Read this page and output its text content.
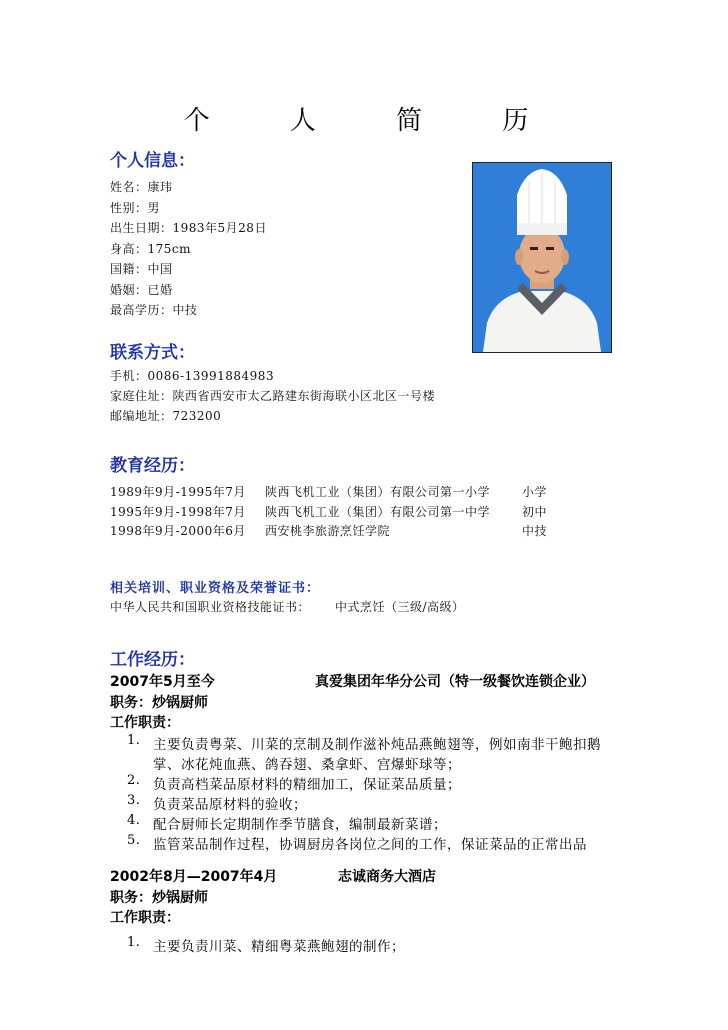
个 人 简 历
个人信息：
姓名：康玮
性别：男
出生日期：1983年5月28日
身高：175cm
国籍：中国
婚姻：已婚
最高学历：中技
联系方式：
手机：0086-13991884983
家庭住址：陕西省西安市太乙路建东街海联小区北区一号楼
邮编地址：723200
教育经历：
1989年9月-1995年7月 陕西飞机工业（集团）有限公司第一小学	小学
1995年9月-1998年7月 陕西飞机工业（集团）有限公司第一中学	初中
1998年9月-2000年6月 西安桃李旅游烹饪学院	中技
相关培训、职业资格及荣誉证书：
中华人民共和国职业资格技能证书： 中式烹饪（三级/高级）
工作经历：
2007年5月至今	真爱集团年华分公司（特一级餐饮连锁企业）
职务：炒锅厨师
工作职责：
1. 主要负责粤菜、川菜的烹制及制作滋补炖品燕鲍翅等，例如南非干鲍扣鹅
掌、冰花炖血燕、鸽吞翅、桑拿虾、宫爆虾球等；
2. 负责高档菜品原材料的精细加工，保证菜品质量；
3. 负责菜品原材料的验收；
4. 配合厨师长定期制作季节膳食，编制最新菜谱；
5. 监管菜品制作过程，协调厨房各岗位之间的工作，保证菜品的正常出品
2002年8月—2007年4月	志诚商务大酒店
职务：炒锅厨师
工作职责：
1. 主要负责川菜、精细粤菜燕鲍翅的制作；
